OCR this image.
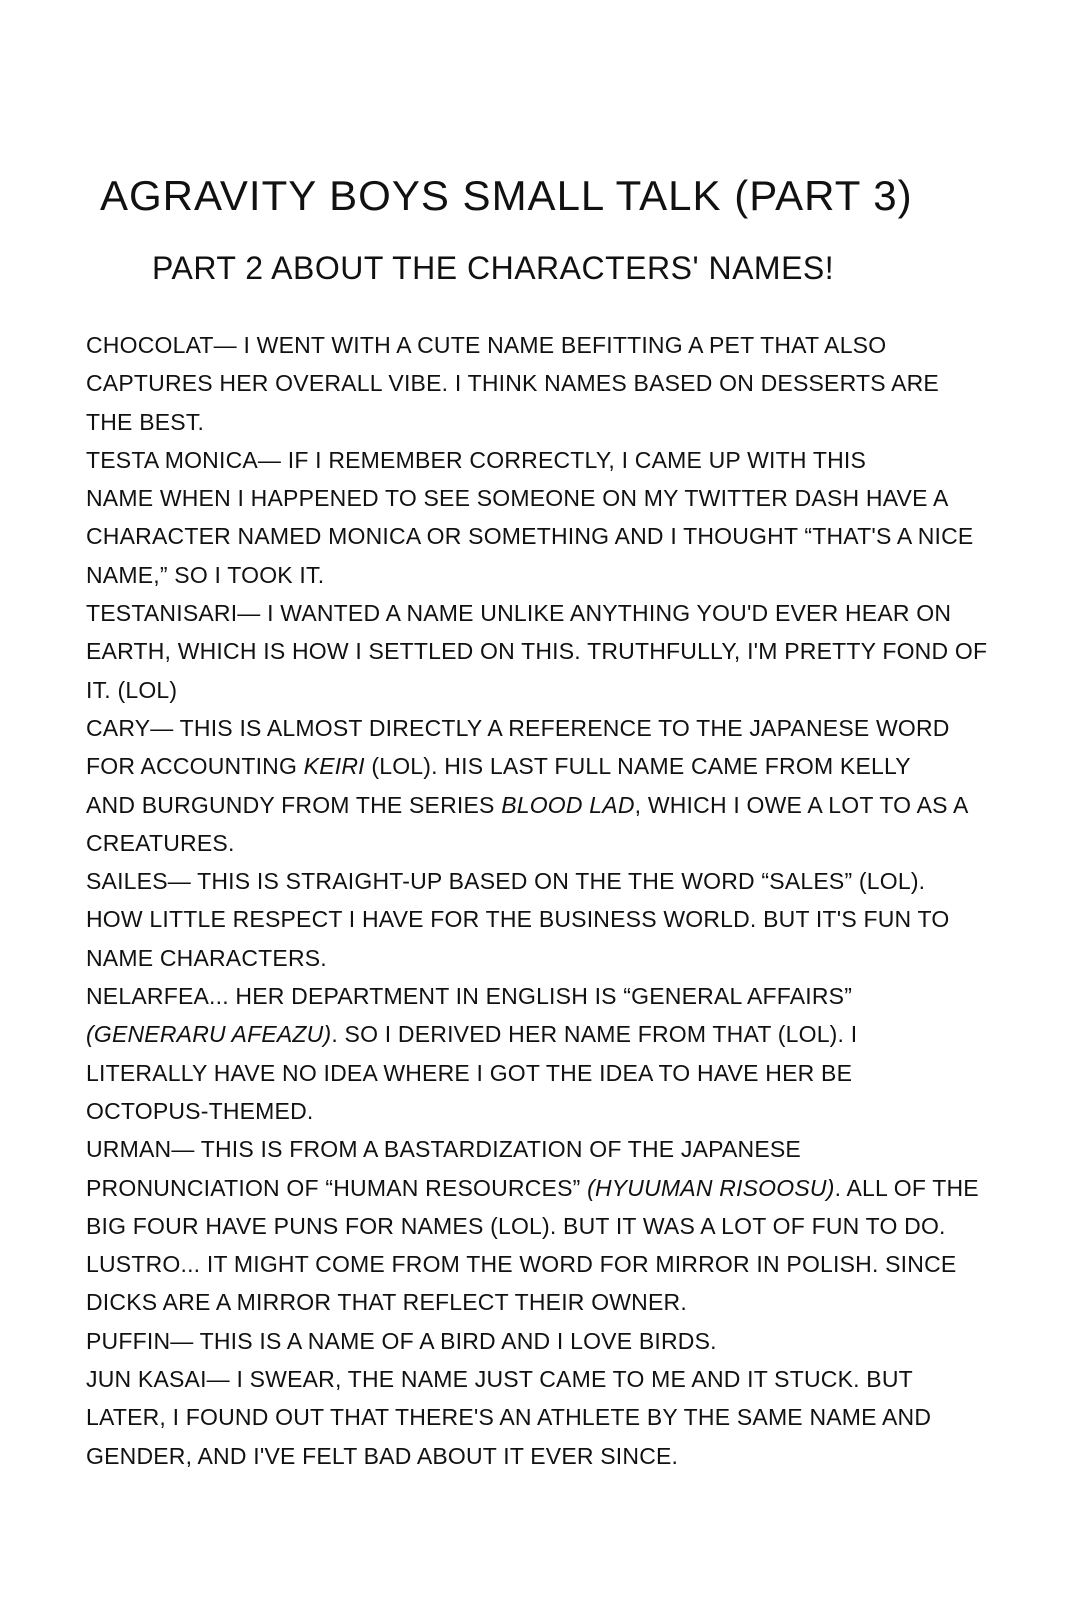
AGRAVITY BOYS SMALL TALK (PART 3)
PART 2 ABOUT THE CHARACTERS' NAMES!
CHOCOLAT— I WENT WITH A CUTE NAME BEFITTING A PET THAT ALSO
CAPTURES HER OVERALL VIBE. I THINK NAMES BASED ON DESSERTS ARE
THE BEST.
TESTA MONICA— IF I REMEMBER CORRECTLY, I CAME UP WITH THIS
NAME WHEN I HAPPENED TO SEE SOMEONE ON MY TWITTER DASH HAVE A
CHARACTER NAMED MONICA OR SOMETHING AND I THOUGHT “THAT'S A NICE
NAME,” SO I TOOK IT.
TESTANISARI— I WANTED A NAME UNLIKE ANYTHING YOU'D EVER HEAR ON
EARTH, WHICH IS HOW I SETTLED ON THIS. TRUTHFULLY, I'M PRETTY FOND OF
IT. (LOL)
CARY— THIS IS ALMOST DIRECTLY A REFERENCE TO THE JAPANESE WORD
FOR ACCOUNTING KEIRI (LOL). HIS LAST FULL NAME CAME FROM KELLY
AND BURGUNDY FROM THE SERIES BLOOD LAD, WHICH I OWE A LOT TO AS A
CREATURES.
SAILES— THIS IS STRAIGHT-UP BASED ON THE THE WORD “SALES” (LOL).
HOW LITTLE RESPECT I HAVE FOR THE BUSINESS WORLD. BUT IT'S FUN TO
NAME CHARACTERS.
NELARFEA... HER DEPARTMENT IN ENGLISH IS “GENERAL AFFAIRS”
(GENERARU AFEAZU). SO I DERIVED HER NAME FROM THAT (LOL). I
LITERALLY HAVE NO IDEA WHERE I GOT THE IDEA TO HAVE HER BE
OCTOPUS-THEMED.
URMAN— THIS IS FROM A BASTARDIZATION OF THE JAPANESE
PRONUNCIATION OF “HUMAN RESOURCES” (HYUUMAN RISOOSU). ALL OF THE
BIG FOUR HAVE PUNS FOR NAMES (LOL). BUT IT WAS A LOT OF FUN TO DO.
LUSTRO... IT MIGHT COME FROM THE WORD FOR MIRROR IN POLISH. SINCE
DICKS ARE A MIRROR THAT REFLECT THEIR OWNER.
PUFFIN— THIS IS A NAME OF A BIRD AND I LOVE BIRDS.
JUN KASAI— I SWEAR, THE NAME JUST CAME TO ME AND IT STUCK. BUT
LATER, I FOUND OUT THAT THERE'S AN ATHLETE BY THE SAME NAME AND
GENDER, AND I'VE FELT BAD ABOUT IT EVER SINCE.
